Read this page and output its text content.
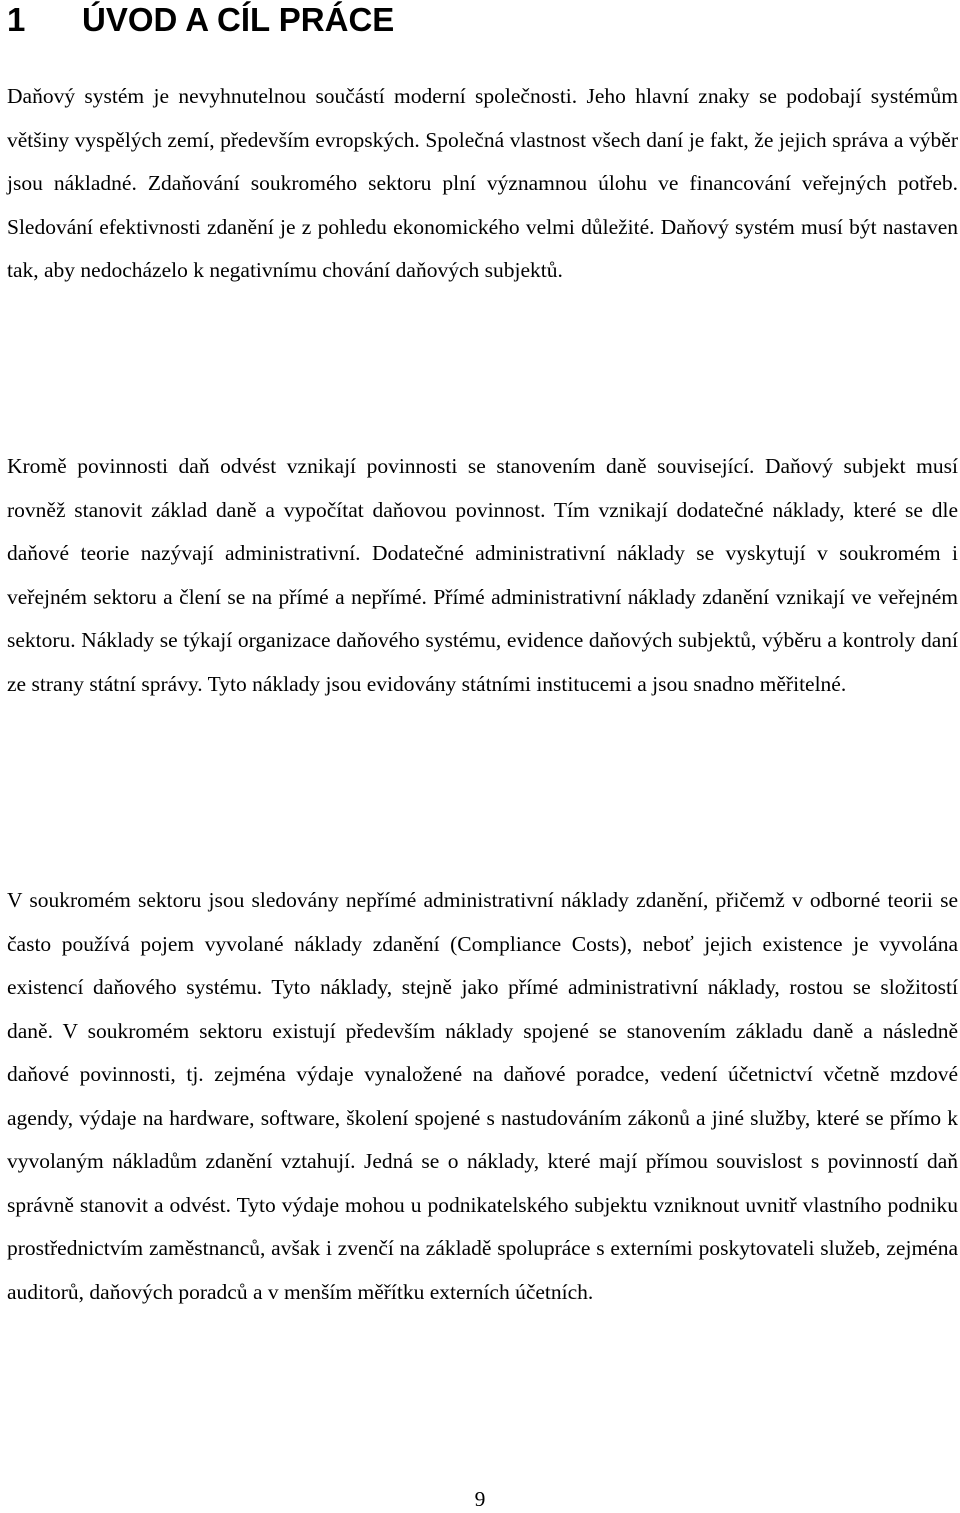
1 ÚVOD A CÍL PRÁCE

Daňový systém je nevyhnutelnou součástí moderní společnosti. Jeho hlavní znaky se podobají systémům většiny vyspělých zemí, především evropských. Společná vlastnost všech daní je fakt, že jejich správa a výběr jsou nákladné. Zdaňování soukromého sektoru plní významnou úlohu ve financování veřejných potřeb. Sledování efektivnosti zdanění je z pohledu ekonomického velmi důležité. Daňový systém musí být nastaven tak, aby nedocházelo k negativnímu chování daňových subjektů.

Kromě povinnosti daň odvést vznikají povinnosti se stanovením daně související. Daňový subjekt musí rovněž stanovit základ daně a vypočítat daňovou povinnost. Tím vznikají dodatečné náklady, které se dle daňové teorie nazývají administrativní. Dodatečné administrativní náklady se vyskytují v soukromém i veřejném sektoru a člení se na přímé a nepřímé. Přímé administrativní náklady zdanění vznikají ve veřejném sektoru. Náklady se týkají organizace daňového systému, evidence daňových subjektů, výběru a kontroly daní ze strany státní správy. Tyto náklady jsou evidovány státními institucemi a jsou snadno měřitelné.

V soukromém sektoru jsou sledovány nepřímé administrativní náklady zdanění, přičemž v odborné teorii se často používá pojem vyvolané náklady zdanění (Compliance Costs), neboť jejich existence je vyvolána existencí daňového systému. Tyto náklady, stejně jako přímé administrativní náklady, rostou se složitostí daně. V soukromém sektoru existují především náklady spojené se stanovením základu daně a následně daňové povinnosti, tj. zejména výdaje vynaložené na daňové poradce, vedení účetnictví včetně mzdové agendy, výdaje na hardware, software, školení spojené s nastudováním zákonů a jiné služby, které se přímo k vyvolaným nákladům zdanění vztahují. Jedná se o náklady, které mají přímou souvislost s povinností daň správně stanovit a odvést. Tyto výdaje mohou u podnikatelského subjektu vzniknout uvnitř vlastního podniku prostřednictvím zaměstnanců, avšak i zvenčí na základě spolupráce s externími poskytovateli služeb, zejména auditorů, daňových poradců a v menším měřítku externích účetních.

9
